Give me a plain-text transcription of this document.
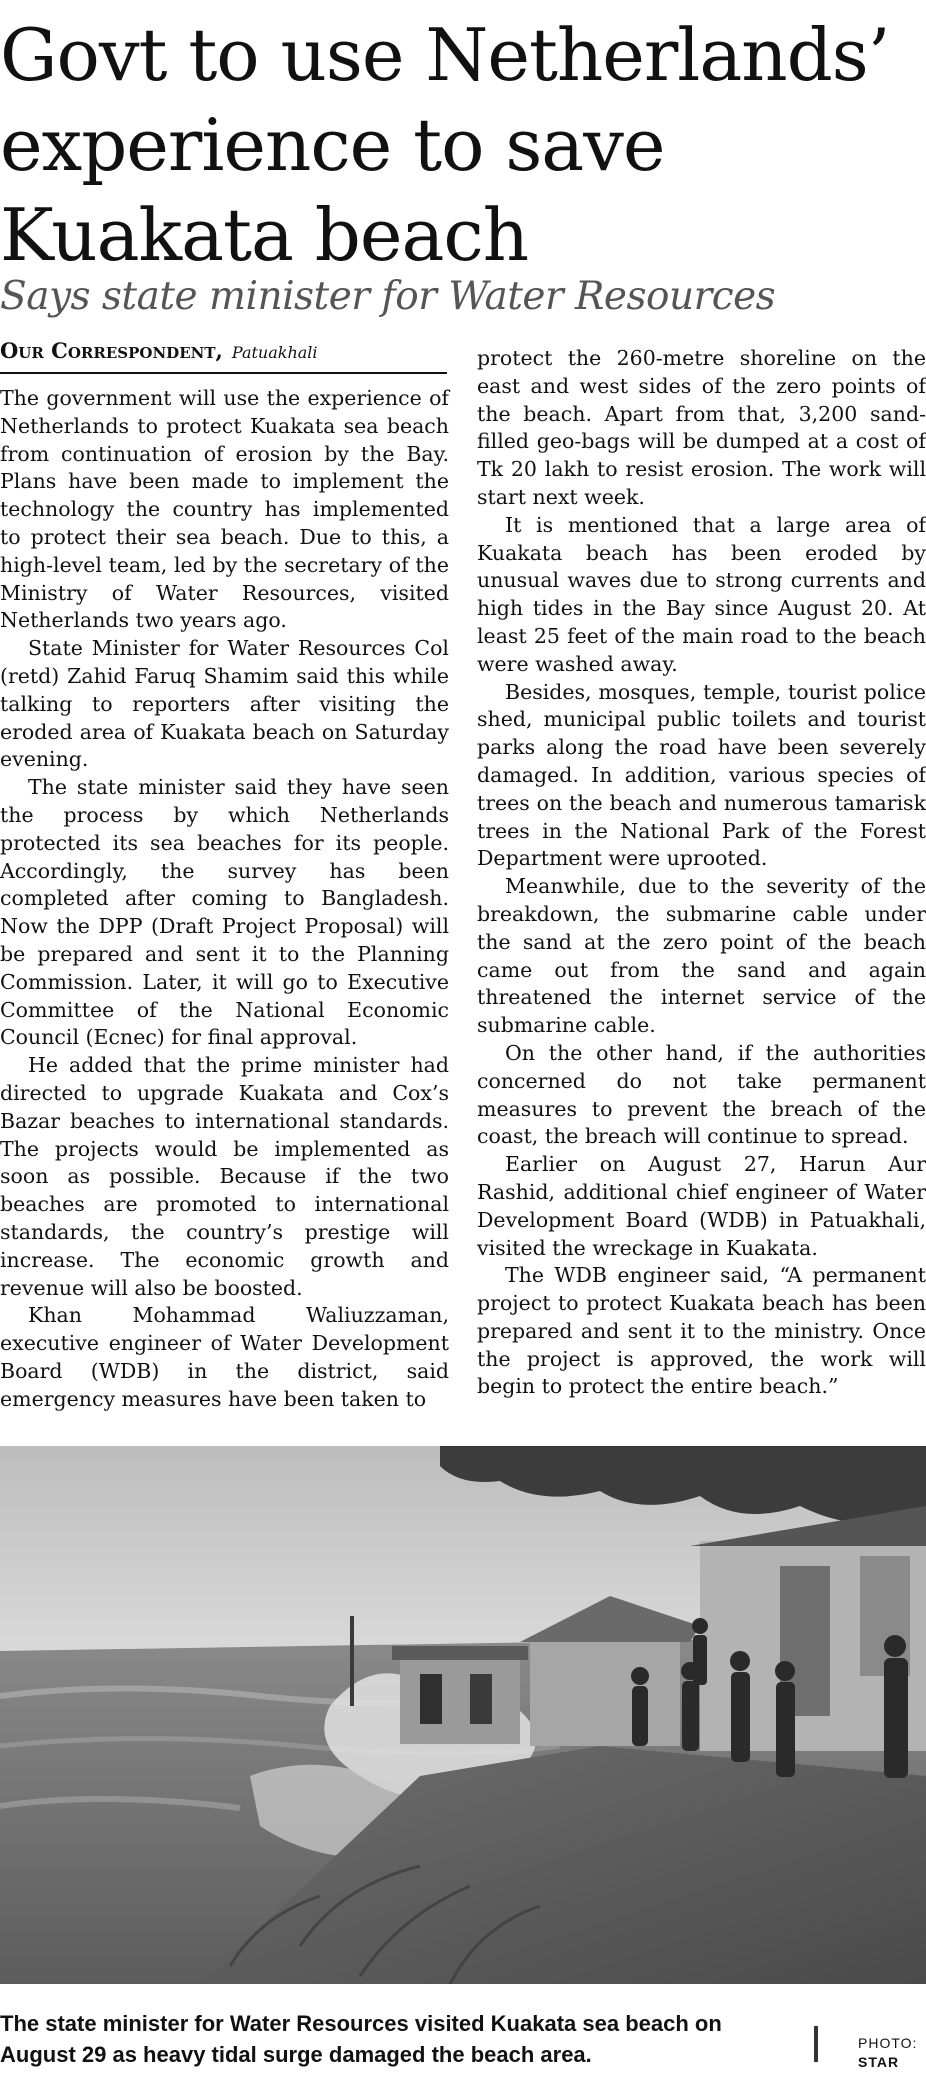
Govt to use Netherlands’
experience to save
Kuakata beach
Says state minister for Water Resources
Our Correspondent, Patuakhali

The government will use the experience of Netherlands to protect Kuakata sea beach from continuation of erosion by the Bay. Plans have been made to implement the technology the country has implemented to protect their sea beach. Due to this, a high-level team, led by the secretary of the Ministry of Water Resources, visited Netherlands two years ago.

State Minister for Water Resources Col (retd) Zahid Faruq Shamim said this while talking to reporters after visiting the eroded area of Kuakata beach on Saturday evening.

The state minister said they have seen the process by which Netherlands protected its sea beaches for its people. Accordingly, the survey has been completed after coming to Bangladesh. Now the DPP (Draft Project Proposal) will be prepared and sent it to the Planning Commission. Later, it will go to Executive Committee of the National Economic Council (Ecnec) for final approval.

He added that the prime minister had directed to upgrade Kuakata and Cox’s Bazar beaches to international standards. The projects would be implemented as soon as possible. Because if the two beaches are promoted to international standards, the country’s prestige will increase. The economic growth and revenue will also be boosted.

Khan Mohammad Waliuzzaman, executive engineer of Water Development Board (WDB) in the district, said emergency measures have been taken to

protect the 260-metre shoreline on the east and west sides of the zero points of the beach. Apart from that, 3,200 sand-filled geo-bags will be dumped at a cost of Tk 20 lakh to resist erosion. The work will start next week.

It is mentioned that a large area of Kuakata beach has been eroded by unusual waves due to strong currents and high tides in the Bay since August 20. At least 25 feet of the main road to the beach were washed away.

Besides, mosques, temple, tourist police shed, municipal public toilets and tourist parks along the road have been severely damaged. In addition, various species of trees on the beach and numerous tamarisk trees in the National Park of the Forest Department were uprooted.

Meanwhile, due to the severity of the breakdown, the submarine cable under the sand at the zero point of the beach came out from the sand and again threatened the internet service of the submarine cable.

On the other hand, if the authorities concerned do not take permanent measures to prevent the breach of the coast, the breach will continue to spread.

Earlier on August 27, Harun Aur Rashid, additional chief engineer of Water Development Board (WDB) in Patuakhali, visited the wreckage in Kuakata.

The WDB engineer said, “A permanent project to protect Kuakata beach has been prepared and sent it to the ministry. Once the project is approved, the work will begin to protect the entire beach.”

The state minister for Water Resources visited Kuakata sea beach on August 29 as heavy tidal surge damaged the beach area.	PHOTO:
STAR
